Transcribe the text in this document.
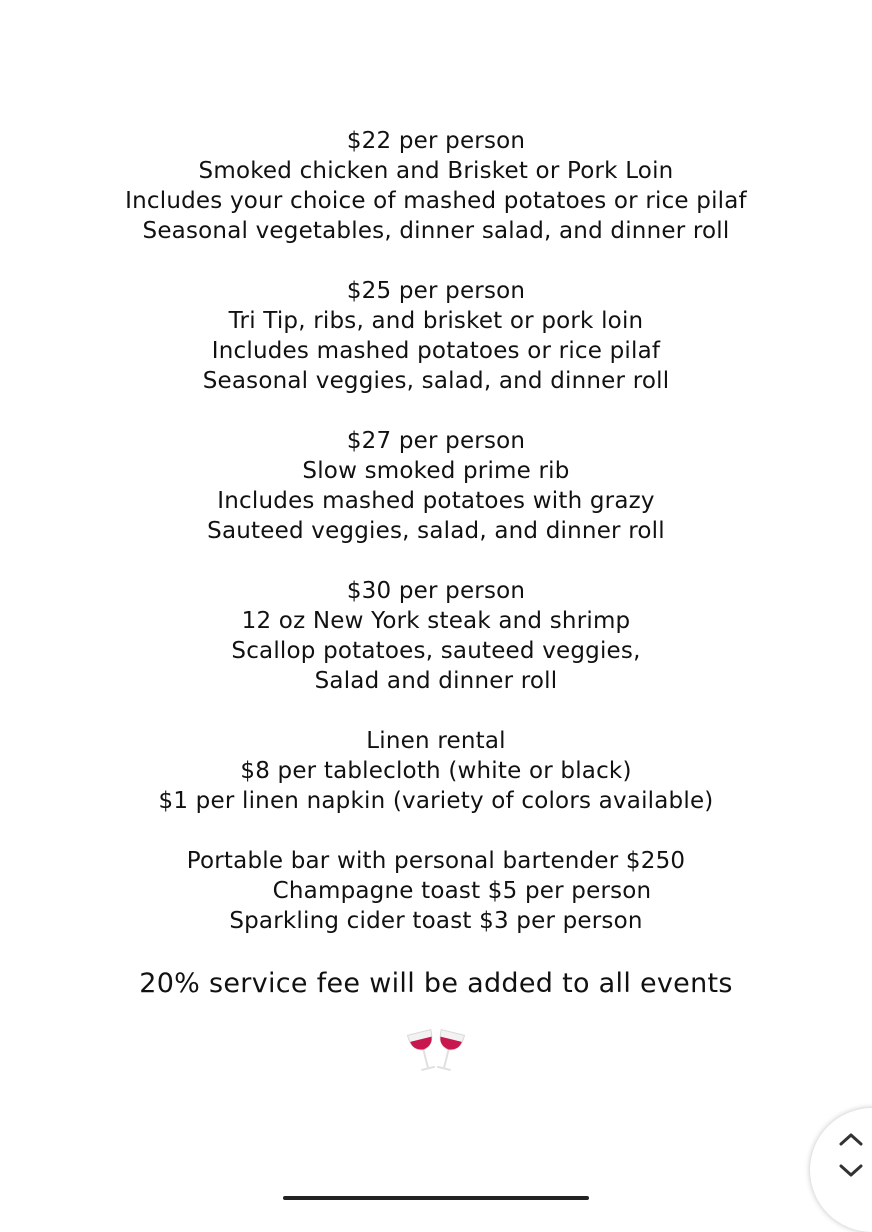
$22 per person
Smoked chicken and Brisket or Pork Loin
Includes your choice of mashed potatoes or rice pilaf
Seasonal vegetables, dinner salad, and dinner roll
$25 per person
Tri Tip, ribs, and brisket or pork loin
Includes mashed potatoes or rice pilaf
Seasonal veggies, salad, and dinner roll
$27 per person
Slow smoked prime rib
Includes mashed potatoes with grazy
Sauteed veggies, salad, and dinner roll
$30 per person
12 oz New York steak and shrimp
Scallop potatoes, sauteed veggies,
Salad and dinner roll
Linen rental
$8 per tablecloth (white or black)
$1 per linen napkin (variety of colors available)
Portable bar with personal bartender $250
Champagne toast $5 per person
Sparkling cider toast $3 per person
20% service fee will be added to all events
